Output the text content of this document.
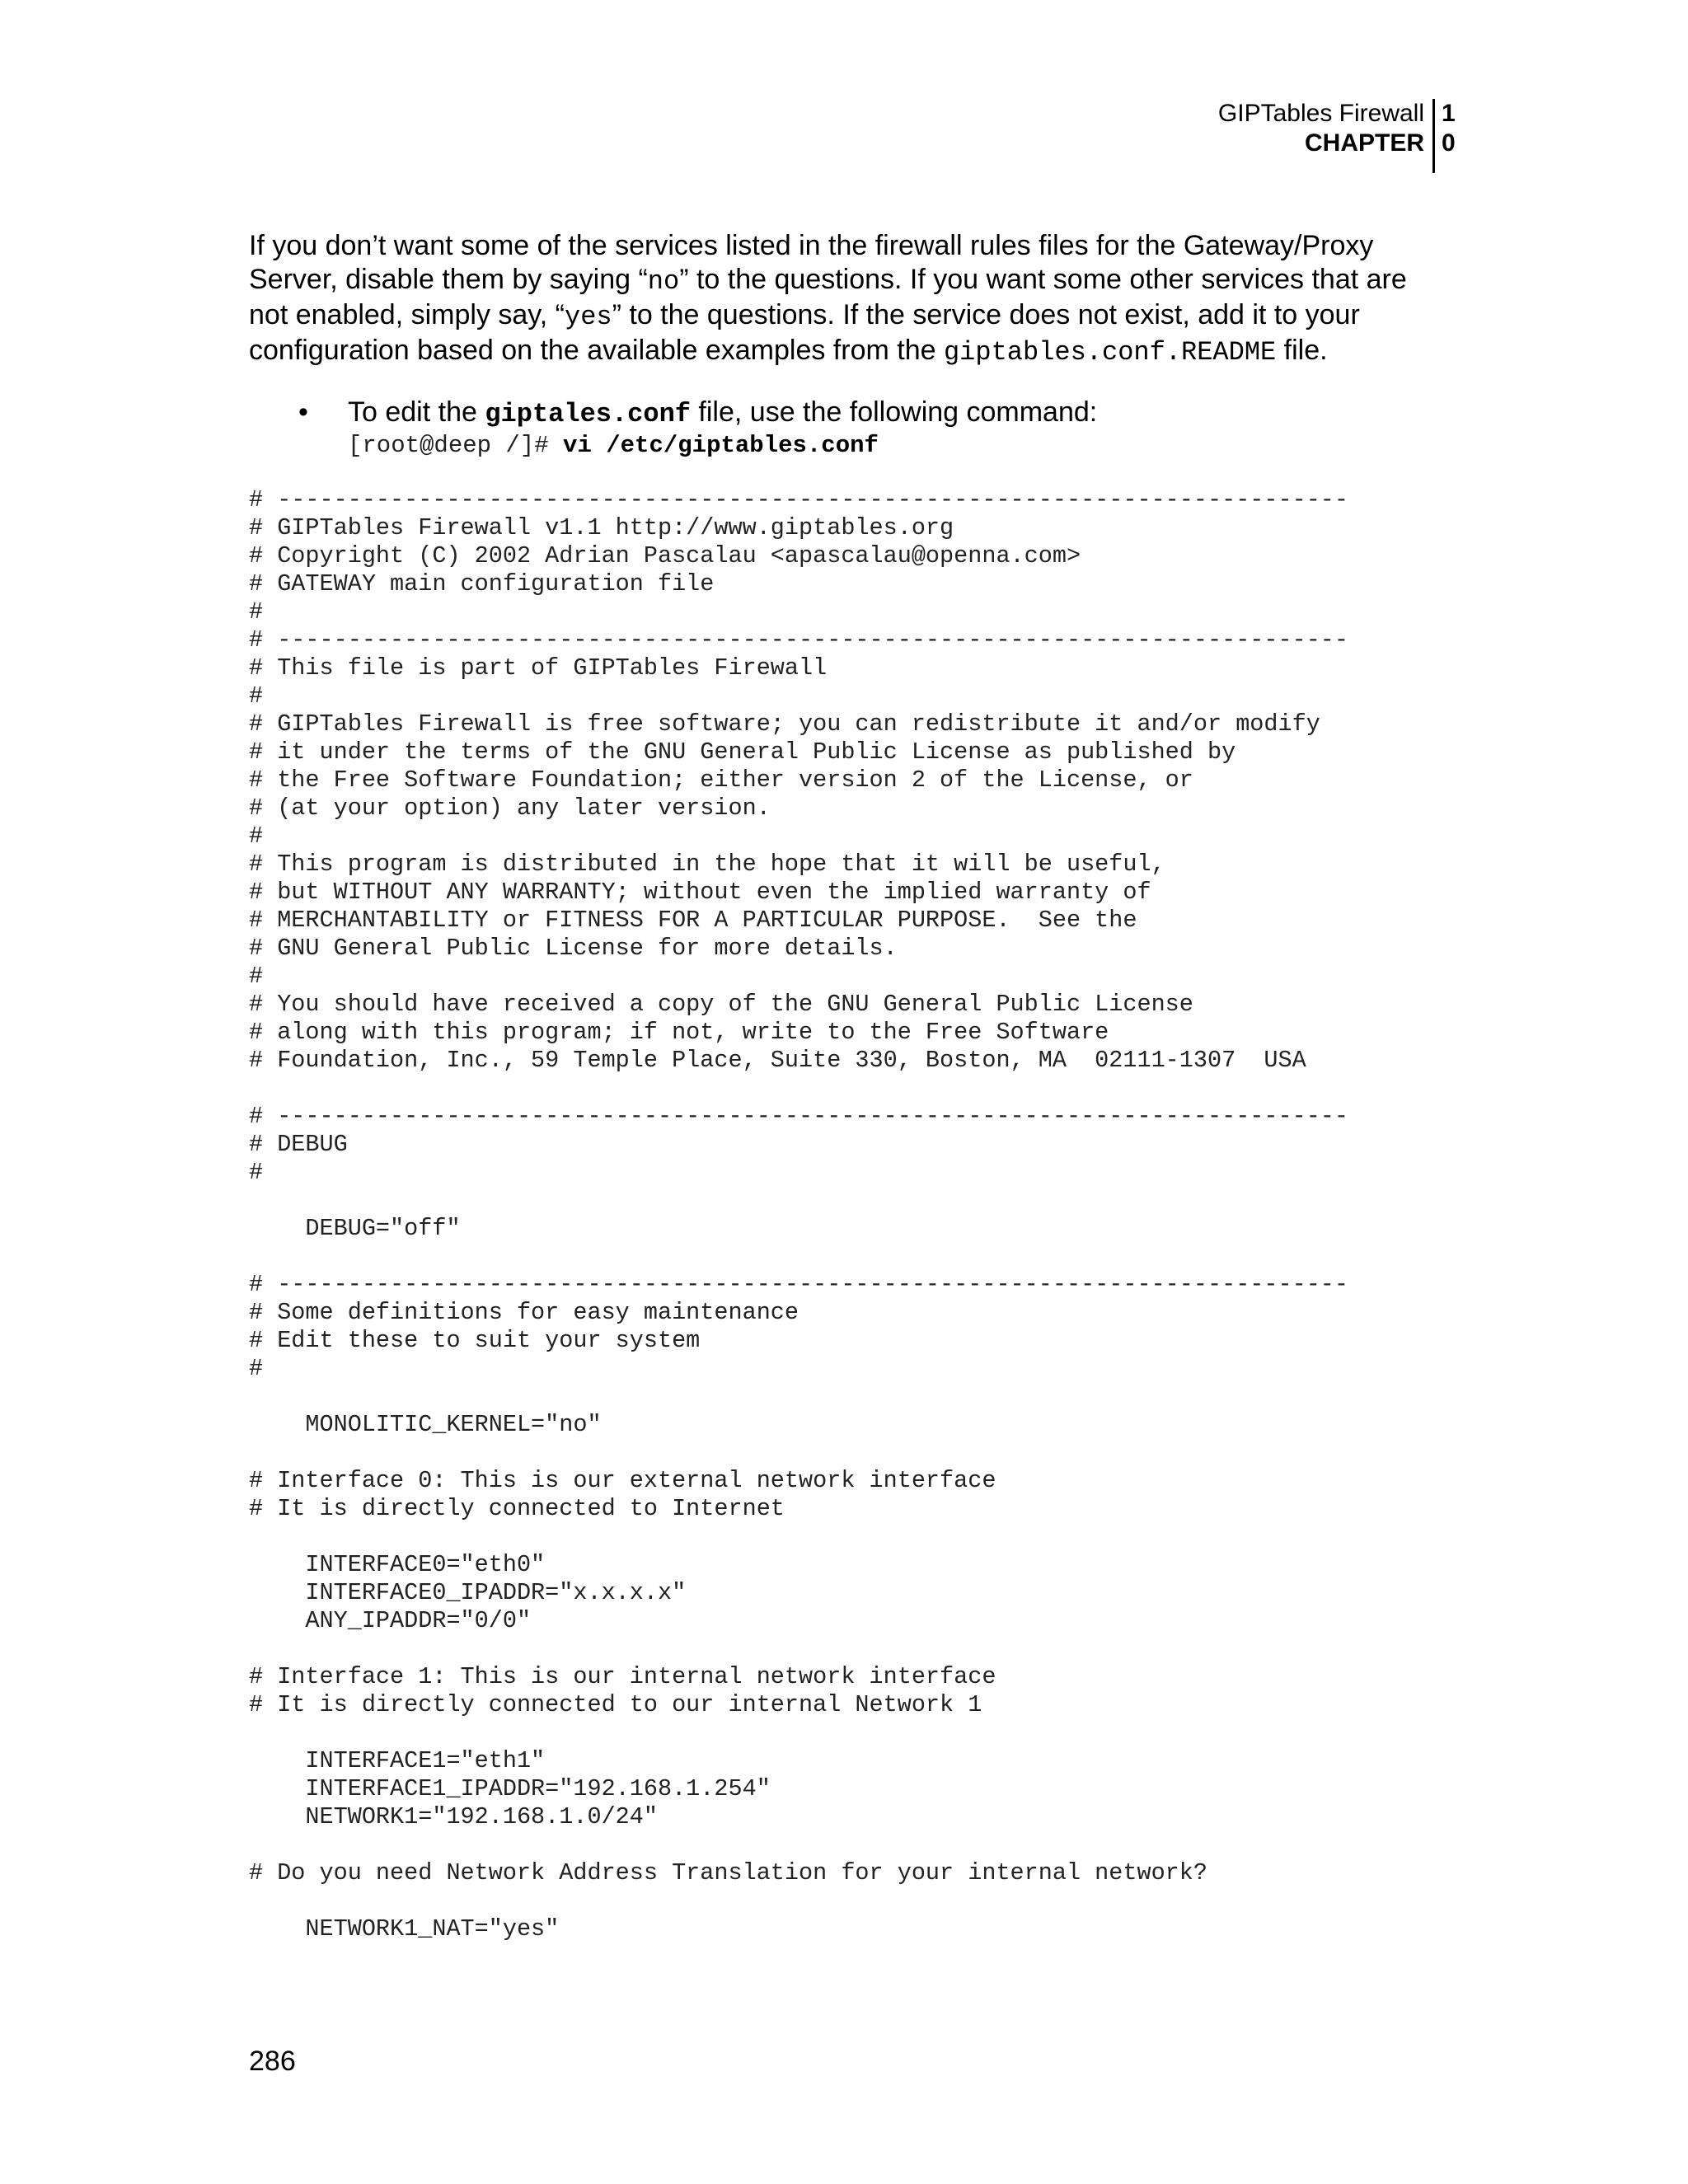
GIPTables Firewall
CHAPTER
1
0

If you don’t want some of the services listed in the firewall rules files for the Gateway/Proxy Server, disable them by saying “no” to the questions. If you want some other services that are not enabled, simply say, “yes” to the questions. If the service does not exist, add it to your configuration based on the available examples from the giptables.conf.README file.

• To edit the giptales.conf file, use the following command:
[root@deep /]# vi /etc/giptables.conf
# ----------------------------------------------------------------------------
# GIPTables Firewall v1.1 http://www.giptables.org
# Copyright (C) 2002 Adrian Pascalau <apascalau@openna.com>
# GATEWAY main configuration file
#
# ----------------------------------------------------------------------------
# This file is part of GIPTables Firewall
#
# GIPTables Firewall is free software; you can redistribute it and/or modify
# it under the terms of the GNU General Public License as published by
# the Free Software Foundation; either version 2 of the License, or
# (at your option) any later version.
#
# This program is distributed in the hope that it will be useful,
# but WITHOUT ANY WARRANTY; without even the implied warranty of
# MERCHANTABILITY or FITNESS FOR A PARTICULAR PURPOSE.  See the
# GNU General Public License for more details.
#
# You should have received a copy of the GNU General Public License
# along with this program; if not, write to the Free Software
# Foundation, Inc., 59 Temple Place, Suite 330, Boston, MA  02111-1307  USA
# ----------------------------------------------------------------------------
# DEBUG
#
DEBUG="off"
# ----------------------------------------------------------------------------
# Some definitions for easy maintenance
# Edit these to suit your system
#
MONOLITIC_KERNEL="no"
# Interface 0: This is our external network interface
# It is directly connected to Internet
INTERFACE0="eth0"
INTERFACE0_IPADDR="x.x.x.x"
ANY_IPADDR="0/0"
# Interface 1: This is our internal network interface
# It is directly connected to our internal Network 1
INTERFACE1="eth1"
INTERFACE1_IPADDR="192.168.1.254"
NETWORK1="192.168.1.0/24"
# Do you need Network Address Translation for your internal network?
NETWORK1_NAT="yes"
286
